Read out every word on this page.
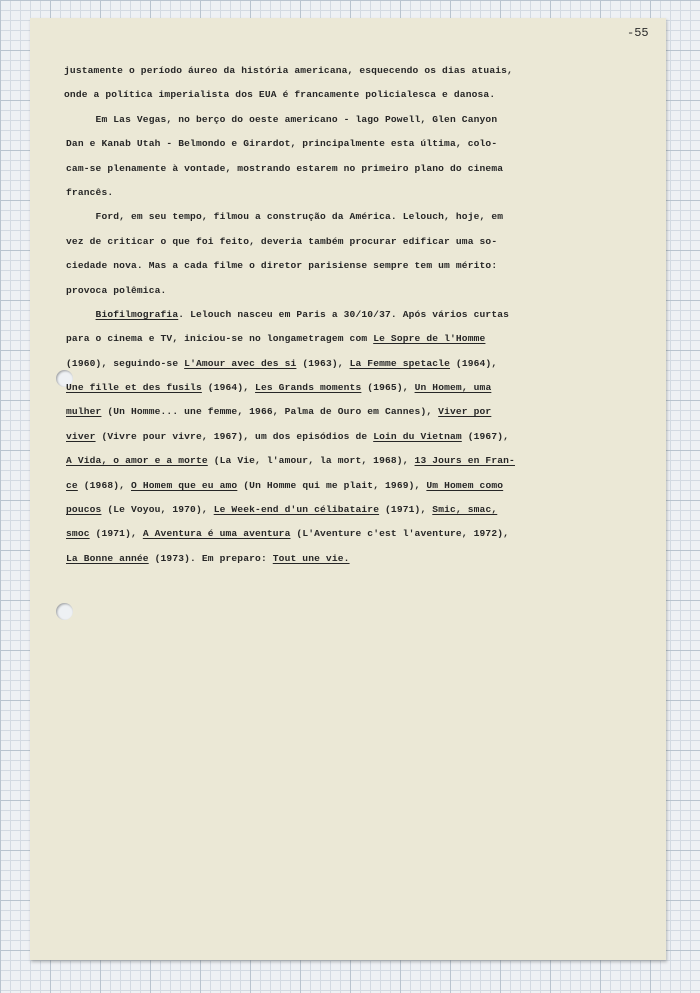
-55
justamente o período áureo da história americana, esquecendo os dias atuais,
onde a política imperialista dos EUA é francamente policialesca e danosa.
Em Las Vegas, no berço do oeste americano - lago Powell, Glen Canyon
Dan e Kanab Utah - Belmondo e Girardot, principalmente esta última, colo-
cam-se plenamente à vontade, mostrando estarem no primeiro plano do cinema
francês.
Ford, em seu tempo, filmou a construção da América. Lelouch, hoje, em
vez de criticar o que foi feito, deveria também procurar edificar uma so-
ciedade nova. Mas a cada filme o diretor parisiense sempre tem um mérito:
provoca polêmica.
Biofilmografia. Lelouch nasceu em Paris a 30/10/37. Após vários curtas
para o cinema e TV, iniciou-se no longametragem com Le Sopre de l'Homme
(1960), seguindo-se L'Amour avec des si (1963), La Femme spetacle (1964),
Une fille et des fusils (1964), Les Grands moments (1965), Un Homem, uma
mulher (Un Homme... une femme, 1966, Palma de Ouro em Cannes), Viver por
viver (Vivre pour vivre, 1967), um dos episódios de Loin du Vietnam (1967),
A Vida, o amor e a morte (La Vie, l'amour, la mort, 1968), 13 Jours en Fran-
ce (1968), O Homem que eu amo (Un Homme qui me plait, 1969), Um Homem como
poucos (Le Voyou, 1970), Le Week-end d'un célibataire (1971), Smic, smac,
smoc (1971), A Aventura é uma aventura (L'Aventure c'est l'aventure, 1972),
La Bonne année (1973). Em preparo: Tout une vie.
